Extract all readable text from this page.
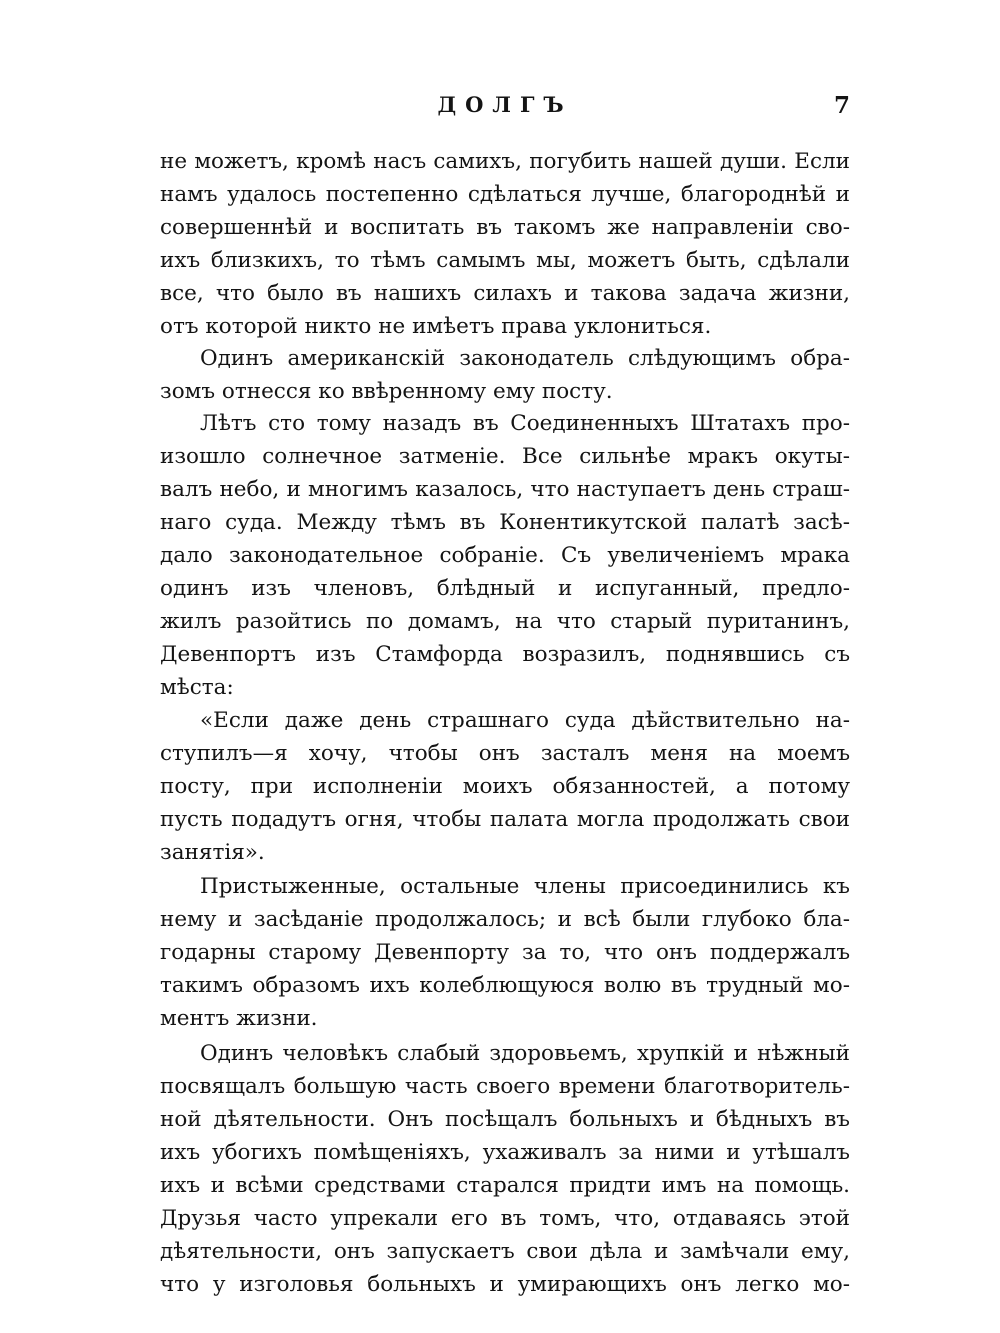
ДОЛГЪ	7
не можетъ, кромѣ насъ самихъ, погубить нашей души. Если
намъ удалось постепенно сдѣлаться лучше, благороднѣй и
совершеннѣй и воспитать въ такомъ же направленіи сво-
ихъ близкихъ, то тѣмъ самымъ мы, можетъ быть, сдѣлали
все, что было въ нашихъ силахъ и такова задача жизни,
отъ которой никто не имѣетъ права уклониться.
Одинъ американскій законодатель слѣдующимъ обра-
зомъ отнесся ко ввѣренному ему посту.
Лѣтъ сто тому назадъ въ Соединенныхъ Штатахъ про-
изошло солнечное затменіе. Все сильнѣе мракъ окуты-
валъ небо, и многимъ казалось, что наступаетъ день страш-
наго суда. Между тѣмъ въ Конентикутской палатѣ засѣ-
дало законодательное собраніе. Съ увеличеніемъ мрака
одинъ изъ членовъ, блѣдный и испуганный, предло-
жилъ разойтись по домамъ, на что старый пуританинъ,
Девенпортъ изъ Стамфорда возразилъ, поднявшись съ
мѣста:
«Если даже день страшнаго суда дѣйствительно на-
ступилъ—я хочу, чтобы онъ засталъ меня на моемъ
посту, при исполненіи моихъ обязанностей, а потому
пусть подадутъ огня, чтобы палата могла продолжать свои
занятія».
Пристыженные, остальные члены присоединились къ
нему и засѣданіе продолжалось; и всѣ были глубоко бла-
годарны старому Девенпорту за то, что онъ поддержалъ
такимъ образомъ ихъ колеблющуюся волю въ трудный мо-
ментъ жизни.
Одинъ человѣкъ слабый здоровьемъ, хрупкій и нѣжный
посвящалъ большую часть своего времени благотворитель-
ной дѣятельности. Онъ посѣщалъ больныхъ и бѣдныхъ въ
ихъ убогихъ помѣщеніяхъ, ухаживалъ за ними и утѣшалъ
ихъ и всѣми средствами старался придти имъ на помощь.
Друзья часто упрекали его въ томъ, что, отдаваясь этой
дѣятельности, онъ запускаетъ свои дѣла и замѣчали ему,
что у изголовья больныхъ и умирающихъ онъ легко мо-
